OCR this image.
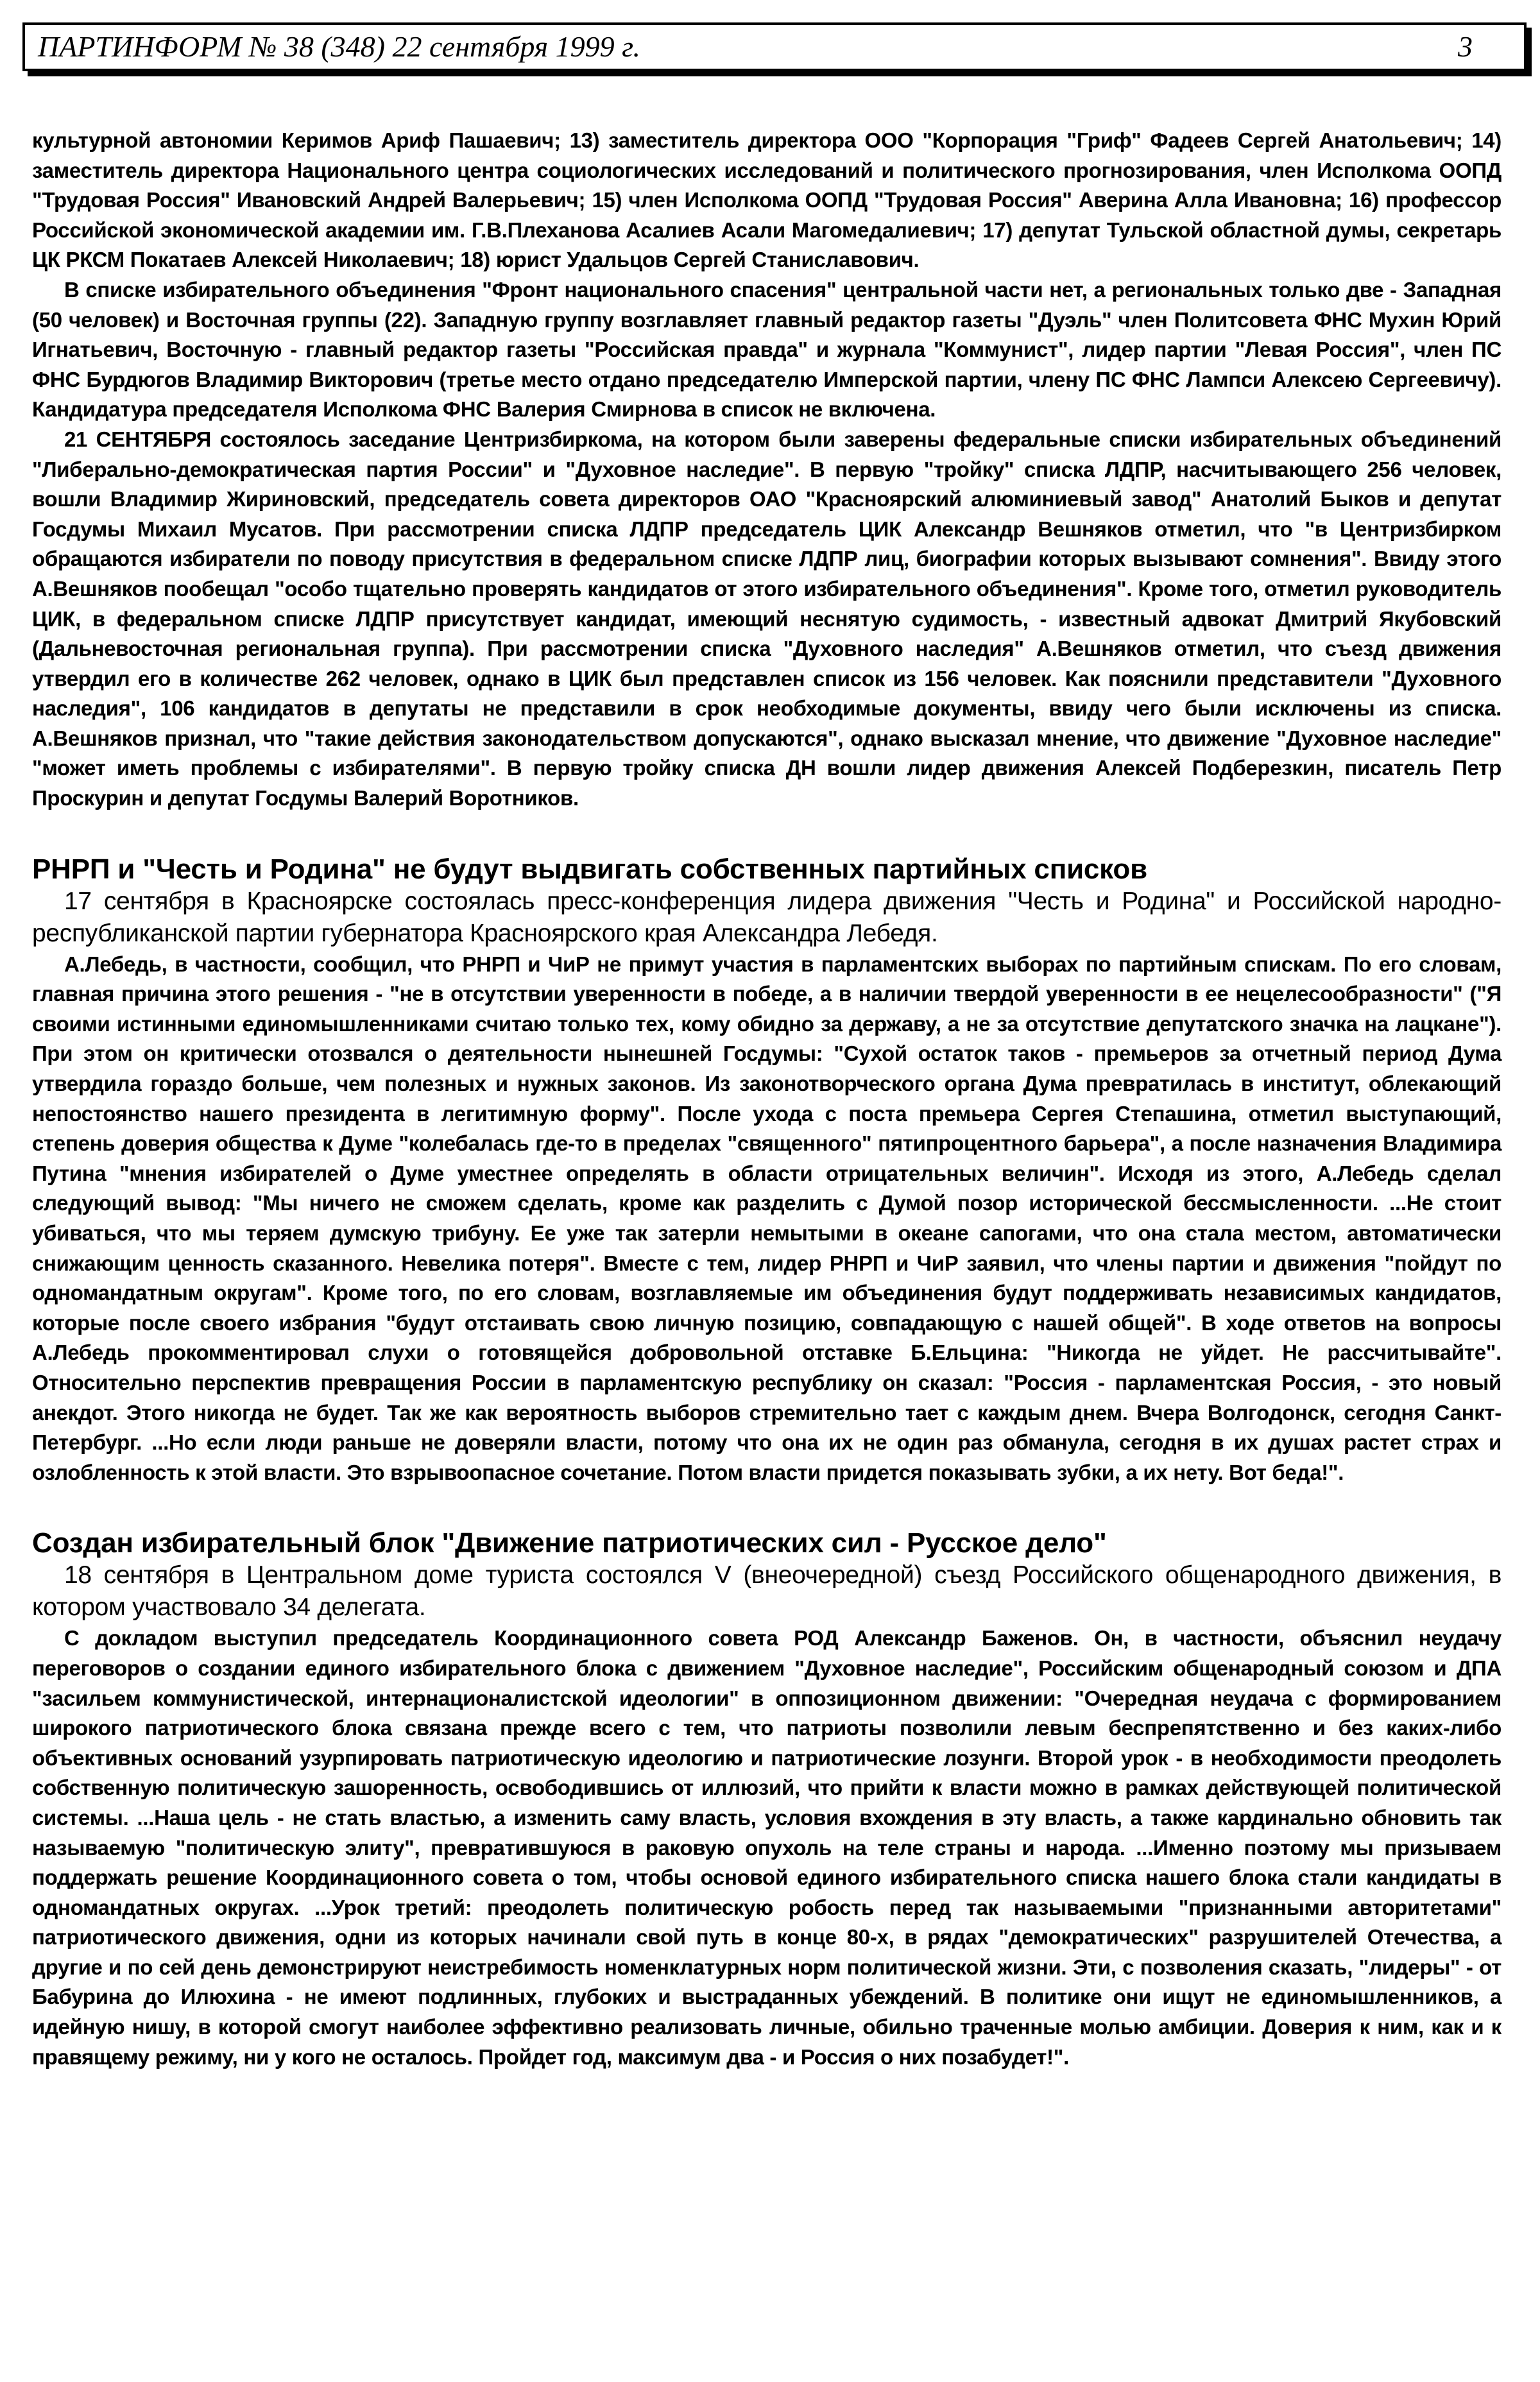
ПАРТИНФОРМ № 38 (348) 22 сентября 1999 г.	3

культурной автономии Керимов Ариф Пашаевич; 13) заместитель директора ООО "Корпорация "Гриф" Фадеев Сергей Анатольевич; 14) заместитель директора Национального центра социологических исследований и политического прогнозирования, член Исполкома ООПД "Трудовая Россия" Ивановский Андрей Валерьевич; 15) член Исполкома ООПД "Трудовая Россия" Аверина Алла Ивановна; 16) профессор Российской экономической академии им. Г.В.Плеханова Асалиев Асали Магомедалиевич; 17) депутат Тульской областной думы, секретарь ЦК РКСМ Покатаев Алексей Николаевич; 18) юрист Удальцов Сергей Станиславович.

В списке избирательного объединения "Фронт национального спасения" центральной части нет, а региональных только две - Западная (50 человек) и Восточная группы (22). Западную группу возглавляет главный редактор газеты "Дуэль" член Политсовета ФНС Мухин Юрий Игнатьевич, Восточную - главный редактор газеты "Российская правда" и журнала "Коммунист", лидер партии "Левая Россия", член ПС ФНС Бурдюгов Владимир Викторович (третье место отдано председателю Имперской партии, члену ПС ФНС Лампси Алексею Сергеевичу). Кандидатура председателя Исполкома ФНС Валерия Смирнова в список не включена.

21 СЕНТЯБРЯ состоялось заседание Центризбиркома, на котором были заверены федеральные списки избирательных объединений "Либерально-демократическая партия России" и "Духовное наследие". В первую "тройку" списка ЛДПР, насчитывающего 256 человек, вошли Владимир Жириновский, председатель совета директоров ОАО "Красноярский алюминиевый завод" Анатолий Быков и депутат Госдумы Михаил Мусатов. При рассмотрении списка ЛДПР председатель ЦИК Александр Вешняков отметил, что "в Центризбирком обращаются избиратели по поводу присутствия в федеральном списке ЛДПР лиц, биографии которых вызывают сомнения". Ввиду этого А.Вешняков пообещал "особо тщательно проверять кандидатов от этого избирательного объединения". Кроме того, отметил руководитель ЦИК, в федеральном списке ЛДПР присутствует кандидат, имеющий неснятую судимость, - известный адвокат Дмитрий Якубовский (Дальневосточная региональная группа). При рассмотрении списка "Духовного наследия" А.Вешняков отметил, что съезд движения утвердил его в количестве 262 человек, однако в ЦИК был представлен список из 156 человек. Как пояснили представители "Духовного наследия", 106 кандидатов в депутаты не представили в срок необходимые документы, ввиду чего были исключены из списка. А.Вешняков признал, что "такие действия законодательством допускаются", однако высказал мнение, что движение "Духовное наследие" "может иметь проблемы с избирателями". В первую тройку списка ДН вошли лидер движения Алексей Подберезкин, писатель Петр Проскурин и депутат Госдумы Валерий Воротников.

РНРП и "Честь и Родина" не будут выдвигать собственных партийных списков

17 сентября в Красноярске состоялась пресс-конференция лидера движения "Честь и Родина" и Российской народно-республиканской партии губернатора Красноярского края Александра Лебедя.

А.Лебедь, в частности, сообщил, что РНРП и ЧиР не примут участия в парламентских выборах по партийным спискам. По его словам, главная причина этого решения - "не в отсутствии уверенности в победе, а в наличии твердой уверенности в ее нецелесообразности" ("Я своими истинными единомышленниками считаю только тех, кому обидно за державу, а не за отсутствие депутатского значка на лацкане"). При этом он критически отозвался о деятельности нынешней Госдумы: "Сухой остаток таков - премьеров за отчетный период Дума утвердила гораздо больше, чем полезных и нужных законов. Из законотворческого органа Дума превратилась в институт, облекающий непостоянство нашего президента в легитимную форму". После ухода с поста премьера Сергея Степашина, отметил выступающий, степень доверия общества к Думе "колебалась где-то в пределах "священного" пятипроцентного барьера", а после назначения Владимира Путина "мнения избирателей о Думе уместнее определять в области отрицательных величин". Исходя из этого, А.Лебедь сделал следующий вывод: "Мы ничего не сможем сделать, кроме как разделить с Думой позор исторической бессмысленности. ...Не стоит убиваться, что мы теряем думскую трибуну. Ее уже так затерли немытыми в океане сапогами, что она стала местом, автоматически снижающим ценность сказанного. Невелика потеря". Вместе с тем, лидер РНРП и ЧиР заявил, что члены партии и движения "пойдут по одномандатным округам". Кроме того, по его словам, возглавляемые им объединения будут поддерживать независимых кандидатов, которые после своего избрания "будут отстаивать свою личную позицию, совпадающую с нашей общей". В ходе ответов на вопросы А.Лебедь прокомментировал слухи о готовящейся добровольной отставке Б.Ельцина: "Никогда не уйдет. Не рассчитывайте". Относительно перспектив превращения России в парламентскую республику он сказал: "Россия - парламентская Россия, - это новый анекдот. Этого никогда не будет. Так же как вероятность выборов стремительно тает с каждым днем. Вчера Волгодонск, сегодня Санкт-Петербург. ...Но если люди раньше не доверяли власти, потому что она их не один раз обманула, сегодня в их душах растет страх и озлобленность к этой власти. Это взрывоопасное сочетание. Потом власти придется показывать зубки, а их нету. Вот беда!".

Создан избирательный блок "Движение патриотических сил - Русское дело"

18 сентября в Центральном доме туриста состоялся V (внеочередной) съезд Российского общенародного движения, в котором участвовало 34 делегата.

С докладом выступил председатель Координационного совета РОД Александр Баженов. Он, в частности, объяснил неудачу переговоров о создании единого избирательного блока с движением "Духовное наследие", Российским общенародный союзом и ДПА "засильем коммунистической, интернационалистской идеологии" в оппозиционном движении: "Очередная неудача с формированием широкого патриотического блока связана прежде всего с тем, что патриоты позволили левым беспрепятственно и без каких-либо объективных оснований узурпировать патриотическую идеологию и патриотические лозунги. Второй урок - в необходимости преодолеть собственную политическую зашоренность, освободившись от иллюзий, что прийти к власти можно в рамках действующей политической системы. ...Наша цель - не стать властью, а изменить саму власть, условия вхождения в эту власть, а также кардинально обновить так называемую "политическую элиту", превратившуюся в раковую опухоль на теле страны и народа. ...Именно поэтому мы призываем поддержать решение Координационного совета о том, чтобы основой единого избирательного списка нашего блока стали кандидаты в одномандатных округах. ...Урок третий: преодолеть политическую робость перед так называемыми "признанными авторитетами" патриотического движения, одни из которых начинали свой путь в конце 80-х, в рядах "демократических" разрушителей Отечества, а другие и по сей день демонстрируют неистребимость номенклатурных норм политической жизни. Эти, с позволения сказать, "лидеры" - от Бабурина до Илюхина - не имеют подлинных, глубоких и выстраданных убеждений. В политике они ищут не единомышленников, а идейную нишу, в которой смогут наиболее эффективно реализовать личные, обильно траченные молью амбиции. Доверия к ним, как и к правящему режиму, ни у кого не осталось. Пройдет год, максимум два - и Россия о них позабудет!".
